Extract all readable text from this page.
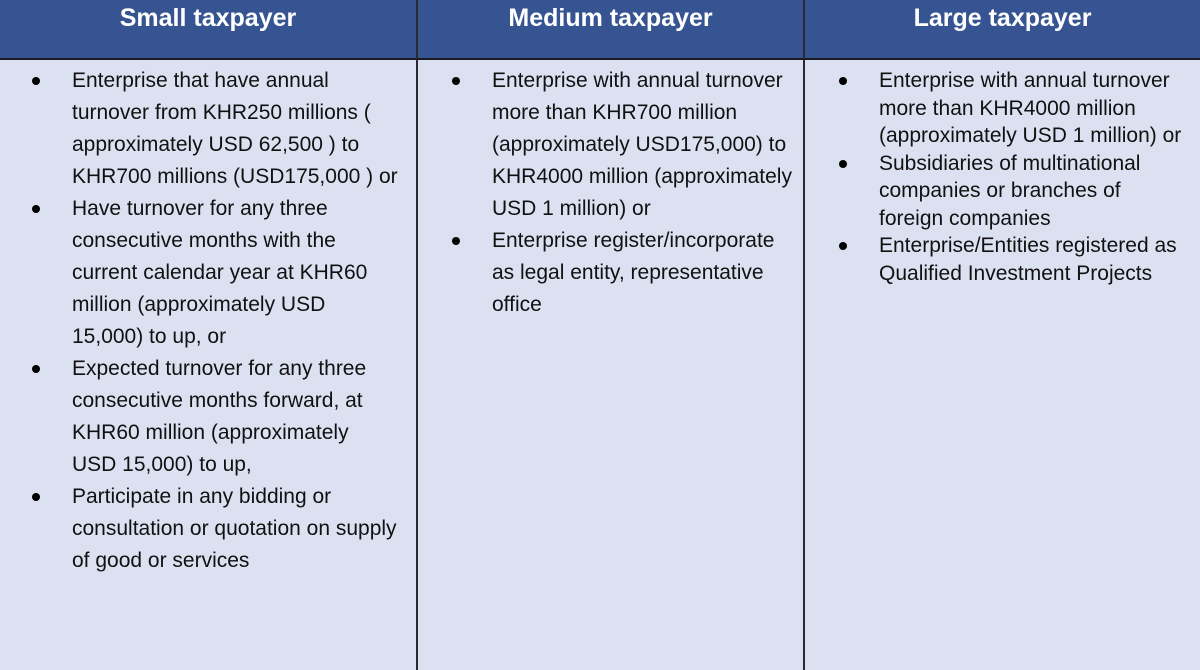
Small taxpayer	Medium taxpayer	Large taxpayer
Enterprise that have annual turnover from KHR250 millions ( approximately USD 62,500 ) to KHR700 millions (USD175,000 ) or
Have turnover for any three consecutive months with the current calendar year at KHR60 million (approximately USD 15,000) to up, or
Expected turnover for any three consecutive months forward, at KHR60 million (approximately USD 15,000) to up,
Participate in any bidding or consultation or quotation on supply of good or services
Enterprise with annual turnover more than KHR700 million (approximately USD175,000) to KHR4000 million (approximately USD 1 million) or
Enterprise register/incorporate as legal entity, representative office
Enterprise with annual turnover more than KHR4000 million (approximately USD 1 million) or
Subsidiaries of multinational companies or branches of foreign companies
Enterprise/Entities registered as Qualified Investment Projects
